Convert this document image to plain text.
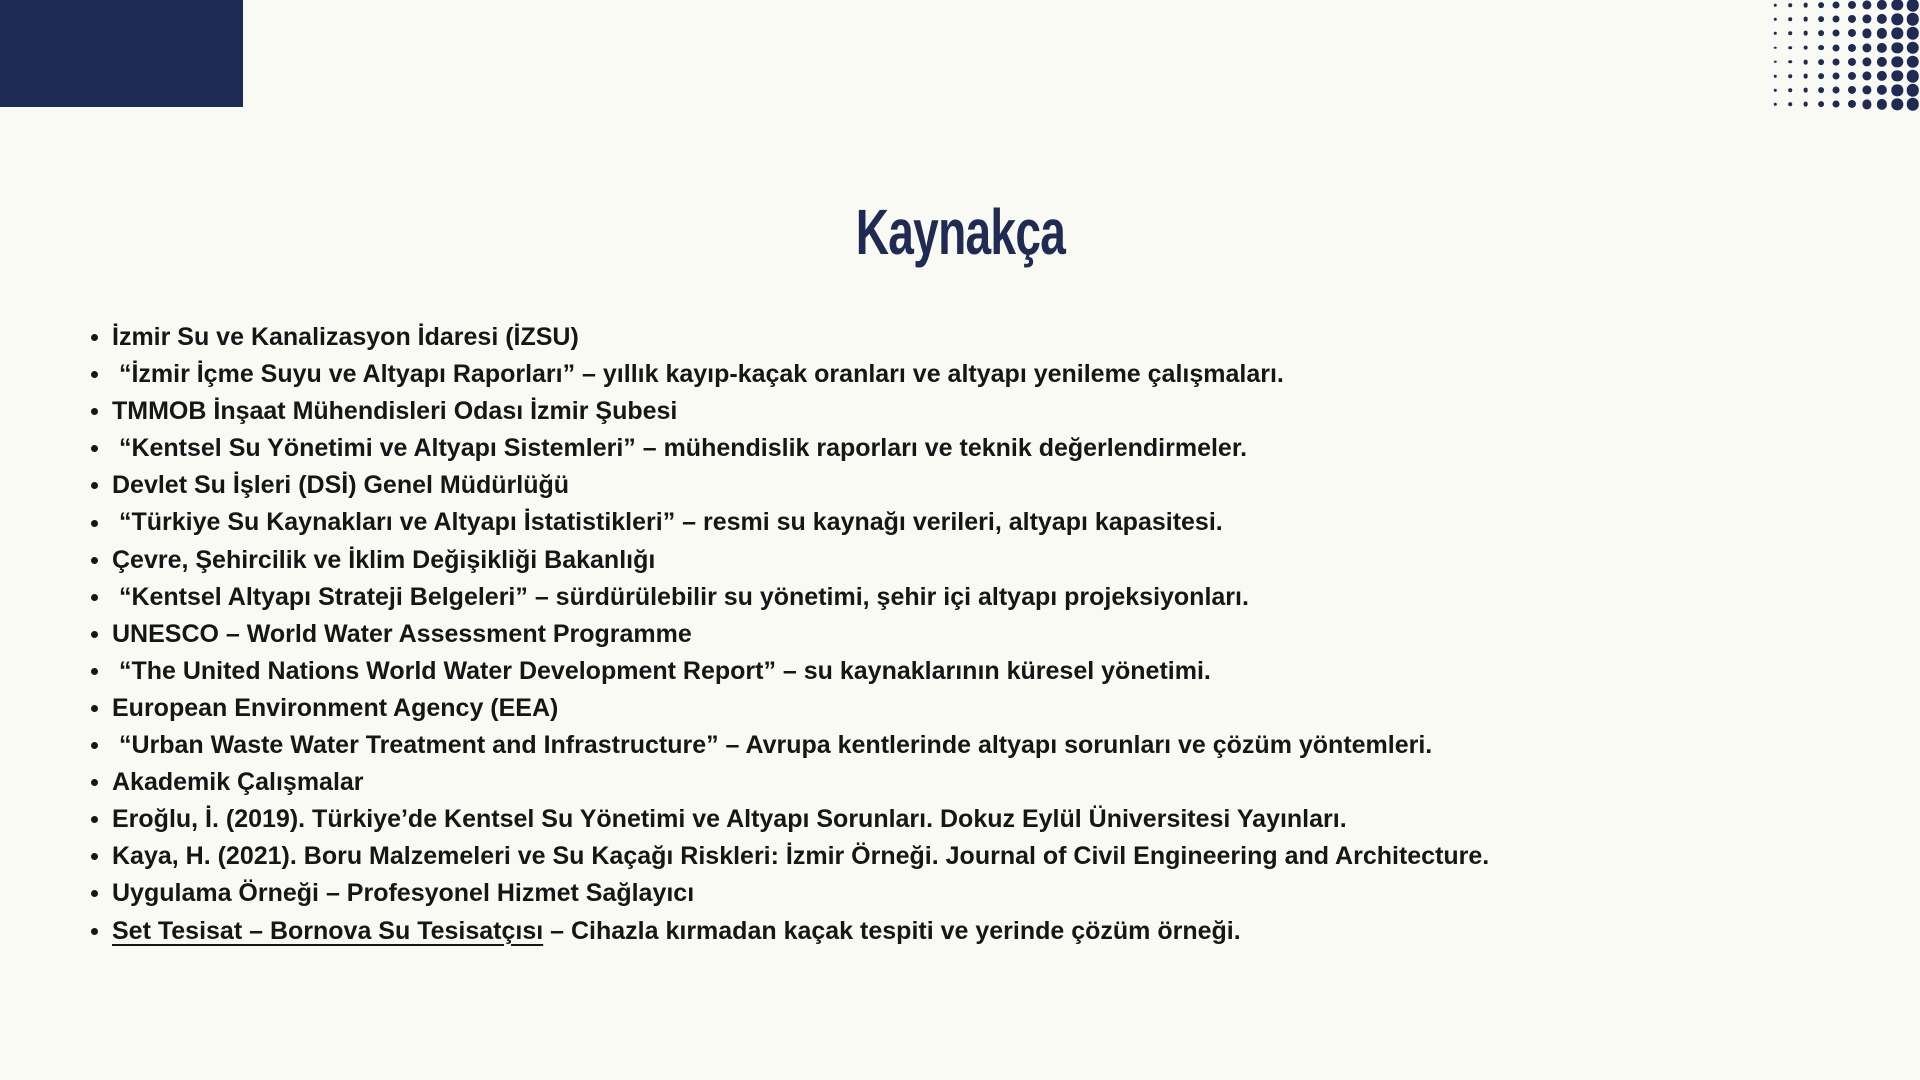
Kaynakça
İzmir Su ve Kanalizasyon İdaresi (İZSU)
“İzmir İçme Suyu ve Altyapı Raporları” – yıllık kayıp-kaçak oranları ve altyapı yenileme çalışmaları.
TMMOB İnşaat Mühendisleri Odası İzmir Şubesi
“Kentsel Su Yönetimi ve Altyapı Sistemleri” – mühendislik raporları ve teknik değerlendirmeler.
Devlet Su İşleri (DSİ) Genel Müdürlüğü
“Türkiye Su Kaynakları ve Altyapı İstatistikleri” – resmi su kaynağı verileri, altyapı kapasitesi.
Çevre, Şehircilik ve İklim Değişikliği Bakanlığı
“Kentsel Altyapı Strateji Belgeleri” – sürdürülebilir su yönetimi, şehir içi altyapı projeksiyonları.
UNESCO – World Water Assessment Programme
“The United Nations World Water Development Report” – su kaynaklarının küresel yönetimi.
European Environment Agency (EEA)
“Urban Waste Water Treatment and Infrastructure” – Avrupa kentlerinde altyapı sorunları ve çözüm yöntemleri.
Akademik Çalışmalar
Eroğlu, İ. (2019). Türkiye’de Kentsel Su Yönetimi ve Altyapı Sorunları. Dokuz Eylül Üniversitesi Yayınları.
Kaya, H. (2021). Boru Malzemeleri ve Su Kaçağı Riskleri: İzmir Örneği. Journal of Civil Engineering and Architecture.
Uygulama Örneği – Profesyonel Hizmet Sağlayıcı
Set Tesisat – Bornova Su Tesisatçısı – Cihazla kırmadan kaçak tespiti ve yerinde çözüm örneği.
